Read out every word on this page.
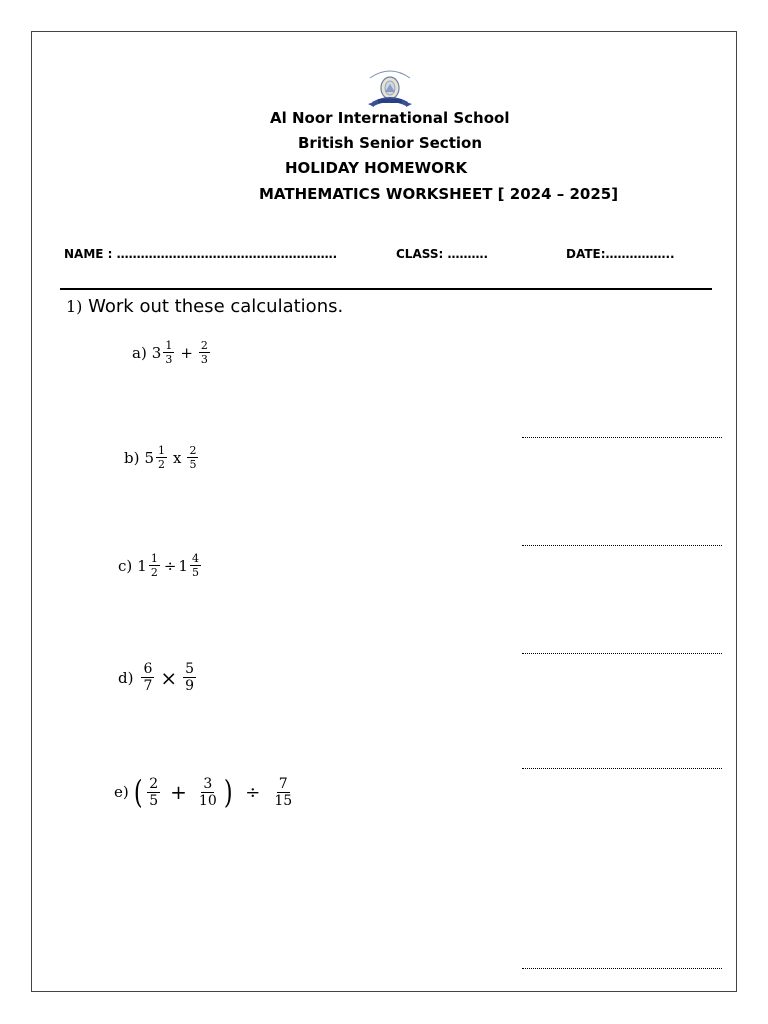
Al Noor International School
British Senior Section
HOLIDAY HOMEWORK
MATHEMATICS WORKSHEET [ 2024 – 2025]
NAME : ……………………………………………….	CLASS: ……….	DATE:……………..
1) Work out these calculations.
a) $3 \frac{1}{3} + \frac{2}{3}$
b) $5 \frac{1}{2}$ x $\frac{2}{5}$
c) $1 \frac{1}{2} \div 1 \frac{4}{5}$
$d) \frac{6}{7} \times \frac{5}{9}$
e) ( $\frac{2}{5} + \frac{3}{10}$ ) ÷ $\frac{7}{15}$
